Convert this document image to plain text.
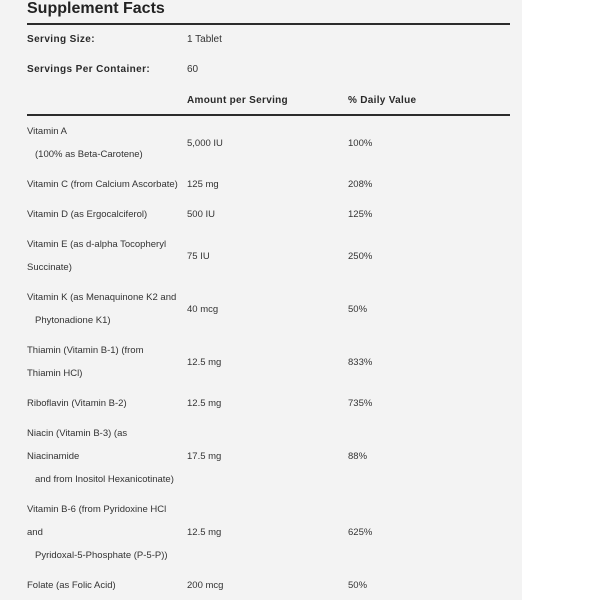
Supplement Facts
Serving Size:	1 Tablet
Servings Per Container:	60
Amount per Serving	% Daily Value
Vitamin A
(100% as Beta-Carotene)
5,000 IU	100%
Vitamin C (from Calcium Ascorbate) 125 mg	208%
Vitamin D (as Ergocalciferol)	500 IU	125%
Vitamin E (as d-alpha Tocopheryl
Succinate)
75 IU	250%
Vitamin K (as Menaquinone K2 and
Phytonadione K1)
40 mcg	50%
Thiamin (Vitamin B-1) (from
Thiamin HCl)
12.5 mg	833%
Riboflavin (Vitamin B-2)	12.5 mg	735%
Niacin (Vitamin B-3) (as
Niacinamide
and from Inositol Hexanicotinate)
17.5 mg	88%
Vitamin B-6 (from Pyridoxine HCl
and
Pyridoxal-5-Phosphate (P-5-P))
12.5 mg	625%
Folate (as Folic Acid)	200 mcg	50%
